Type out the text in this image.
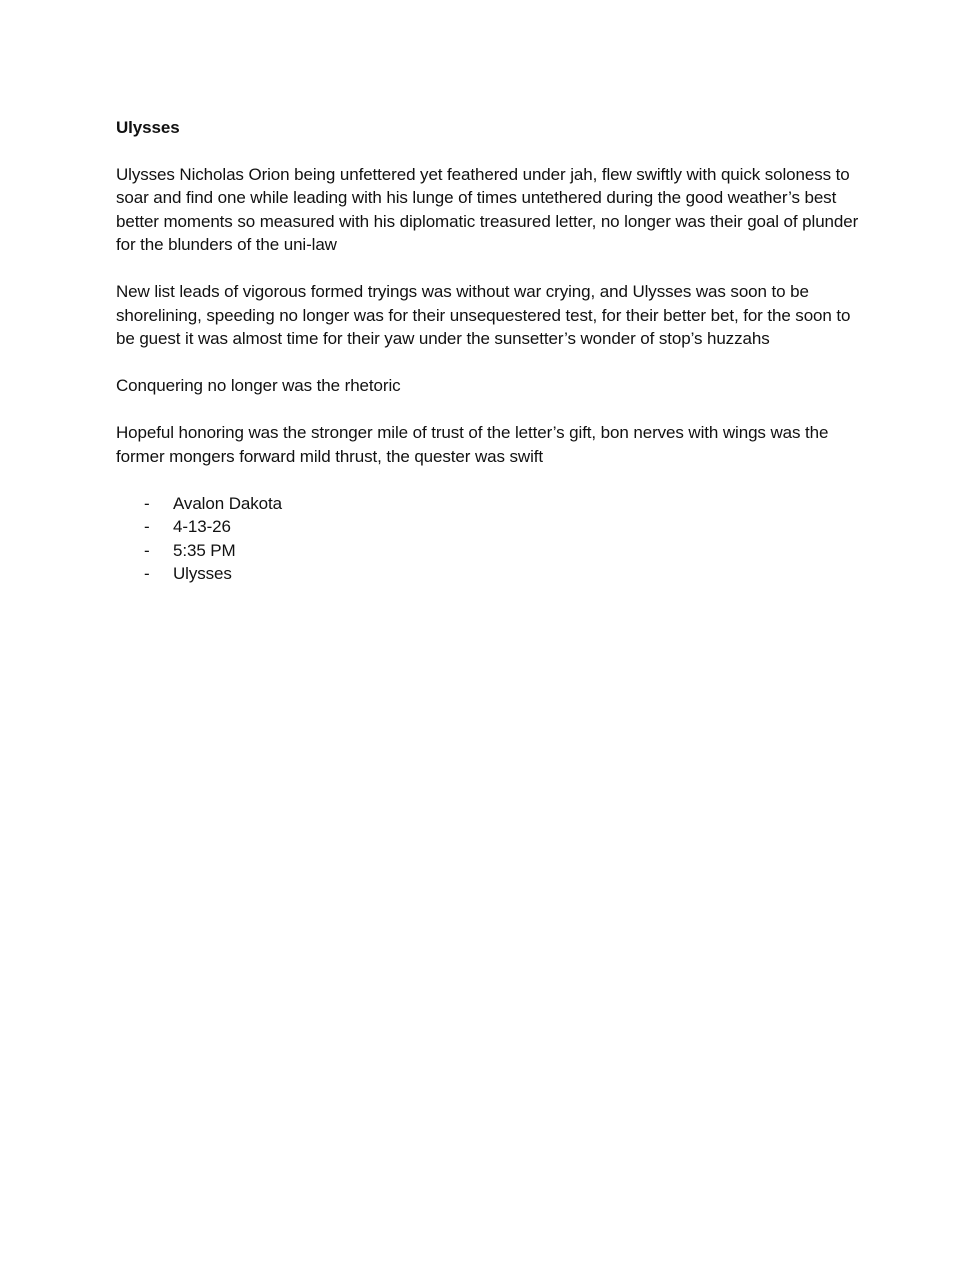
Ulysses

Ulysses Nicholas Orion being unfettered yet feathered under jah, flew swiftly with quick soloness to soar and find one while leading with his lunge of times untethered during the good weather’s best better moments so measured with his diplomatic treasured letter, no longer was their goal of plunder for the blunders of the uni-law

New list leads of vigorous formed tryings was without war crying, and Ulysses was soon to be shorelining, speeding no longer was for their unsequestered test, for their better bet, for the soon to be guest it was almost time for their yaw under the sunsetter’s wonder of stop’s huzzahs

Conquering no longer was the rhetoric

Hopeful honoring was the stronger mile of trust of the letter’s gift, bon nerves with wings was the former mongers forward mild thrust, the quester was swift

- Avalon Dakota
- 4-13-26
- 5:35 PM
- Ulysses
